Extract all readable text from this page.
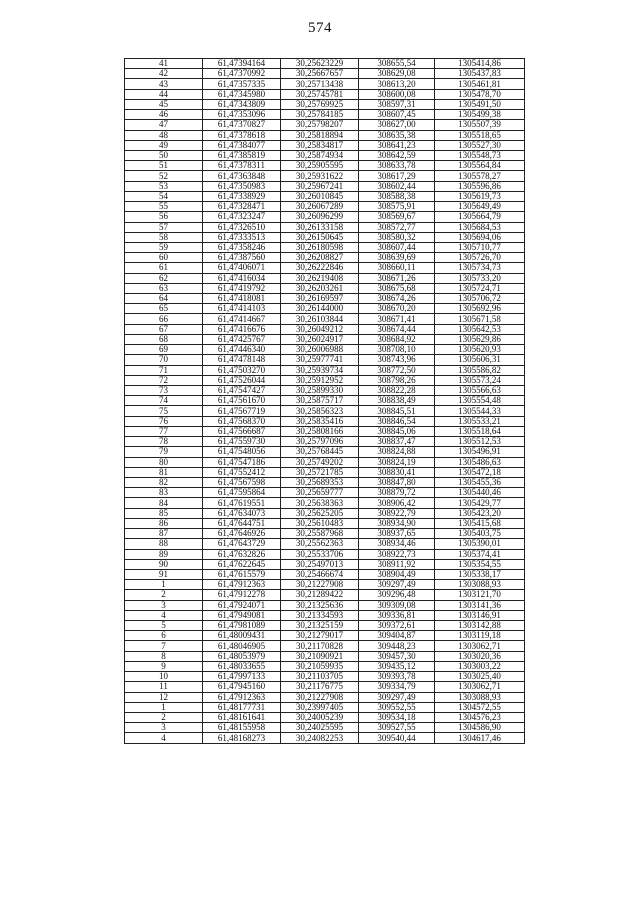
574
41	61,47394164	30,25623229	308655,54	1305414,86
42	61,47370992	30,25667657	308629,08	1305437,83
43	61,47357335	30,25713438	308613,20	1305461,81
44	61,47345980	30,25745781	308600,08	1305478,70
45	61,47343809	30,25769925	308597,31	1305491,50
46	61,47353096	30,25784185	308607,45	1305499,38
47	61,47370827	30,25798207	308627,00	1305507,39
48	61,47378618	30,25818894	308635,38	1305518,65
49	61,47384077	30,25834817	308641,23	1305527,30
50	61,47385819	30,25874934	308642,59	1305548,73
51	61,47378311	30,25905595	308633,78	1305564,84
52	61,47363848	30,25931622	308617,29	1305578,27
53	61,47350983	30,25967241	308602,44	1305596,86
54	61,47338929	30,26010845	308588,38	1305619,73
55	61,47328471	30,26067289	308575,91	1305649,49
56	61,47323247	30,26096299	308569,67	1305664,79
57	61,47326510	30,26133158	308572,77	1305684,53
58	61,47333513	30,26150645	308580,32	1305694,06
59	61,47358246	30,26180598	308607,44	1305710,77
60	61,47387560	30,26208827	308639,69	1305726,70
61	61,47406071	30,26222846	308660,11	1305734,73
62	61,47416034	30,26219408	308671,26	1305733,20
63	61,47419792	30,26203261	308675,68	1305724,71
64	61,47418081	30,26169597	308674,26	1305706,72
65	61,47414103	30,26144000	308670,20	1305692,96
66	61,47414667	30,26103844	308671,41	1305671,58
67	61,47416676	30,26049212	308674,44	1305642,53
68	61,47425767	30,26024917	308684,92	1305629,86
69	61,47446340	30,26006988	308708,10	1305620,93
70	61,47478148	30,25977741	308743,96	1305606,31
71	61,47503270	30,25939734	308772,50	1305586,82
72	61,47526044	30,25912952	308798,26	1305573,24
73	61,47547427	30,25899330	308822,28	1305566,63
74	61,47561670	30,25875717	308838,49	1305554,48
75	61,47567719	30,25856323	308845,51	1305544,33
76	61,47568370	30,25835416	308846,54	1305533,21
77	61,47566687	30,25808166	308845,06	1305518,64
78	61,47559730	30,25797096	308837,47	1305512,53
79	61,47548056	30,25768445	308824,88	1305496,91
80	61,47547186	30,25749202	308824,19	1305486,63
81	61,47552412	30,25721785	308830,41	1305472,18
82	61,47567598	30,25689353	308847,80	1305455,36
83	61,47595864	30,25659777	308879,72	1305440,46
84	61,47619551	30,25638363	308906,42	1305429,77
85	61,47634073	30,25625205	308922,79	1305423,20
86	61,47644751	30,25610483	308934,90	1305415,68
87	61,47646926	30,25587968	308937,65	1305403,75
88	61,47643729	30,25562363	308934,46	1305390,01
89	61,47632826	30,25533706	308922,73	1305374,41
90	61,47622645	30,25497013	308911,92	1305354,55
91	61,47615579	30,25466674	308904,49	1305338,17
1	61,47912363	30,21227908	309297,49	1303088,93
2	61,47912278	30,21289422	309296,48	1303121,70
3	61,47924071	30,21325636	309309,08	1303141,36
4	61,47949081	30,21334593	309336,81	1303146,91
5	61,47981089	30,21325159	309372,61	1303142,88
6	61,48009431	30,21279017	309404,87	1303119,18
7	61,48046905	30,21170828	309448,23	1303062,71
8	61,48053979	30,21090921	309457,30	1303020,36
9	61,48033655	30,21059935	309435,12	1303003,22
10	61,47997133	30,21103705	309393,78	1303025,40
11	61,47945160	30,21176775	309334,79	1303062,71
12	61,47912363	30,21227908	309297,49	1303088,93
1	61,48177731	30,23997405	309552,55	1304572,55
2	61,48161641	30,24005239	309534,18	1304576,23
3	61,48155958	30,24025595	309527,55	1304586,90
4	61,48168273	30,24082253	309540,44	1304617,46
